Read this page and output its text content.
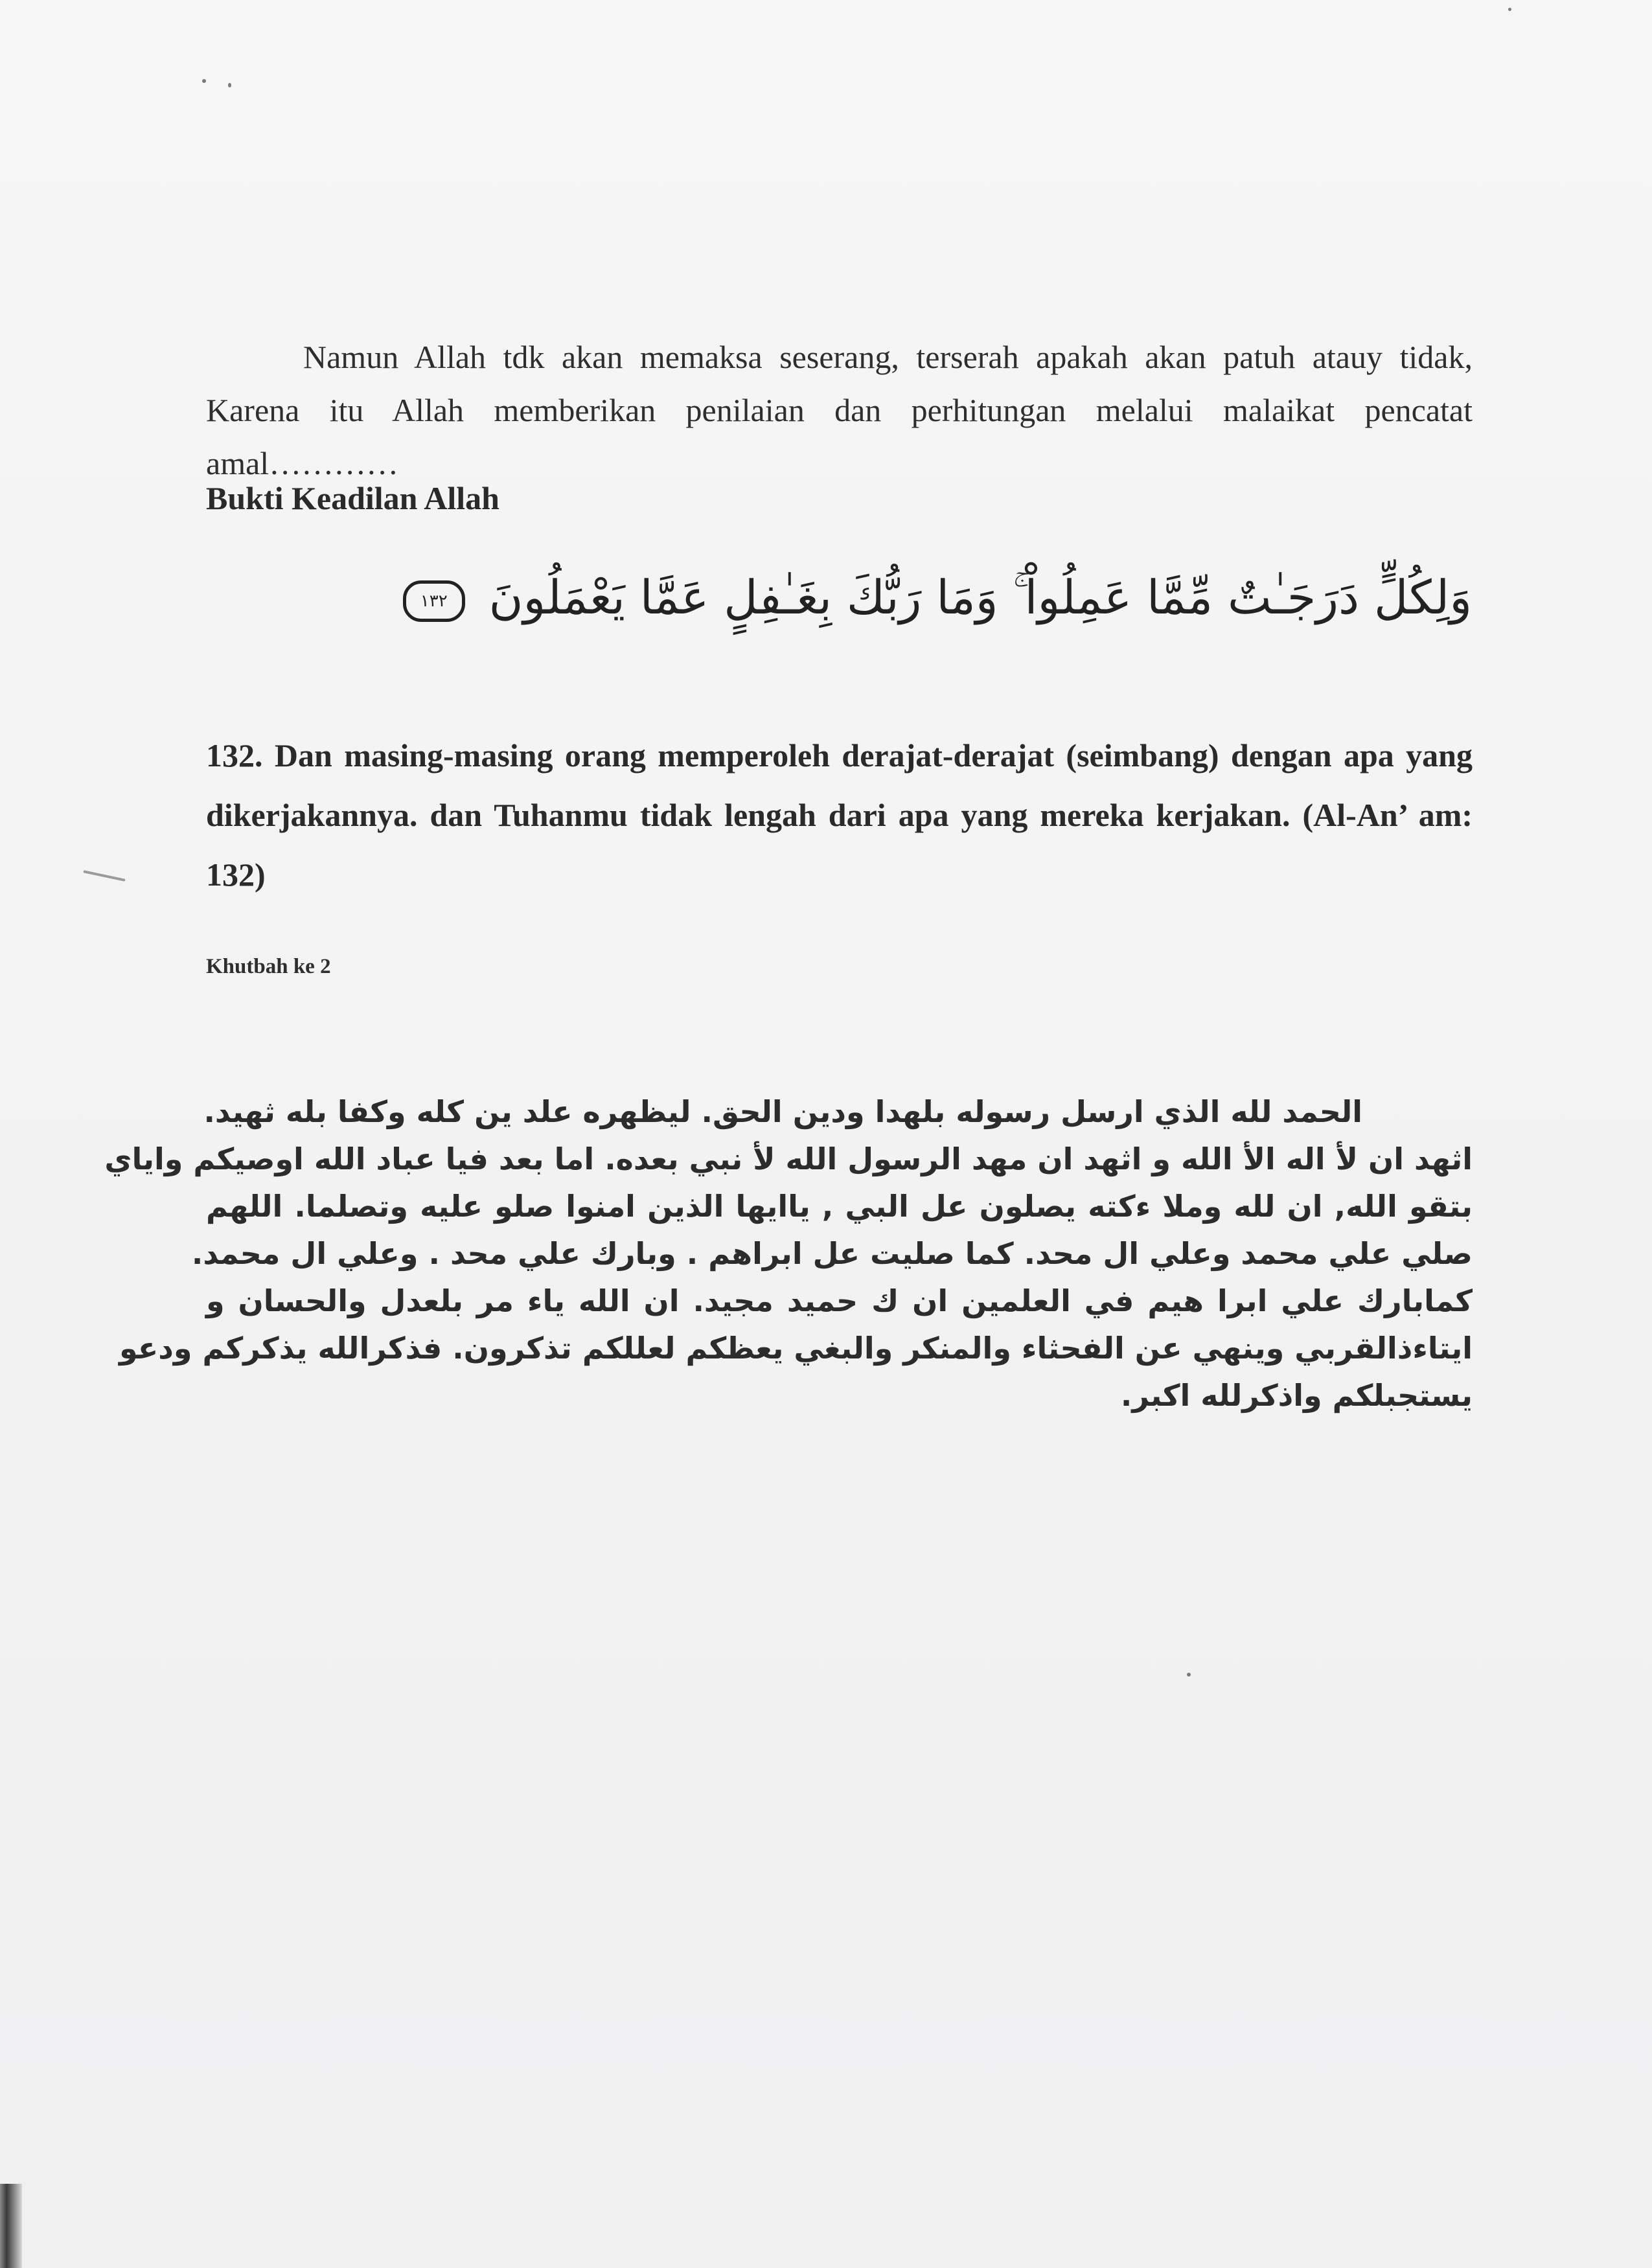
Namun Allah tdk akan memaksa seserang, terserah apakah akan patuh atauy tidak, Karena itu Allah memberikan penilaian dan perhitungan melalui malaikat pencatat amal…………

Bukti Keadilan Allah
وَلِكُلٍّ دَرَجَـٰتٌ مِّمَّا عَمِلُواْ ۚ وَمَا رَبُّكَ بِغَـٰفِلٍ عَمَّا يَعْمَلُونَ ١٣٢

132. Dan masing-masing orang memperoleh derajat-derajat (seimbang) dengan apa yang dikerjakannya. dan Tuhanmu tidak lengah dari apa yang mereka kerjakan. (Al-An’ am: 132)

Khutbah ke 2
الحمد لله الذي ارسل رسوله بلهدا ودين الحق. ليظهره علد ين كله وكفا بله ثهيد.
اثهد ان لأ اله الأ الله و اثهد ان مهد الرسول الله لأ نبي بعده. اما بعد فيا عباد الله اوصيكم واياي
بتقو الله, ان لله وملا ءكته يصلون عل البي , ياايها الذين امنوا صلو عليه وتصلما. اللهم
صلي علي محمد وعلي ال محد. كما صليت عل ابراهم . وبارك علي محد . وعلي ال محمد.
كمابارك علي ابرا هيم في العلمين ان ك حميد مجيد. ان الله ياء مر بلعدل والحسان و
ايتاءذالقربي وينهي عن الفحثاء والمنكر والبغي يعظكم لعللكم تذكرون. فذكرالله يذكركم ودعو
يستجبلكم واذكرلله اكبر.
